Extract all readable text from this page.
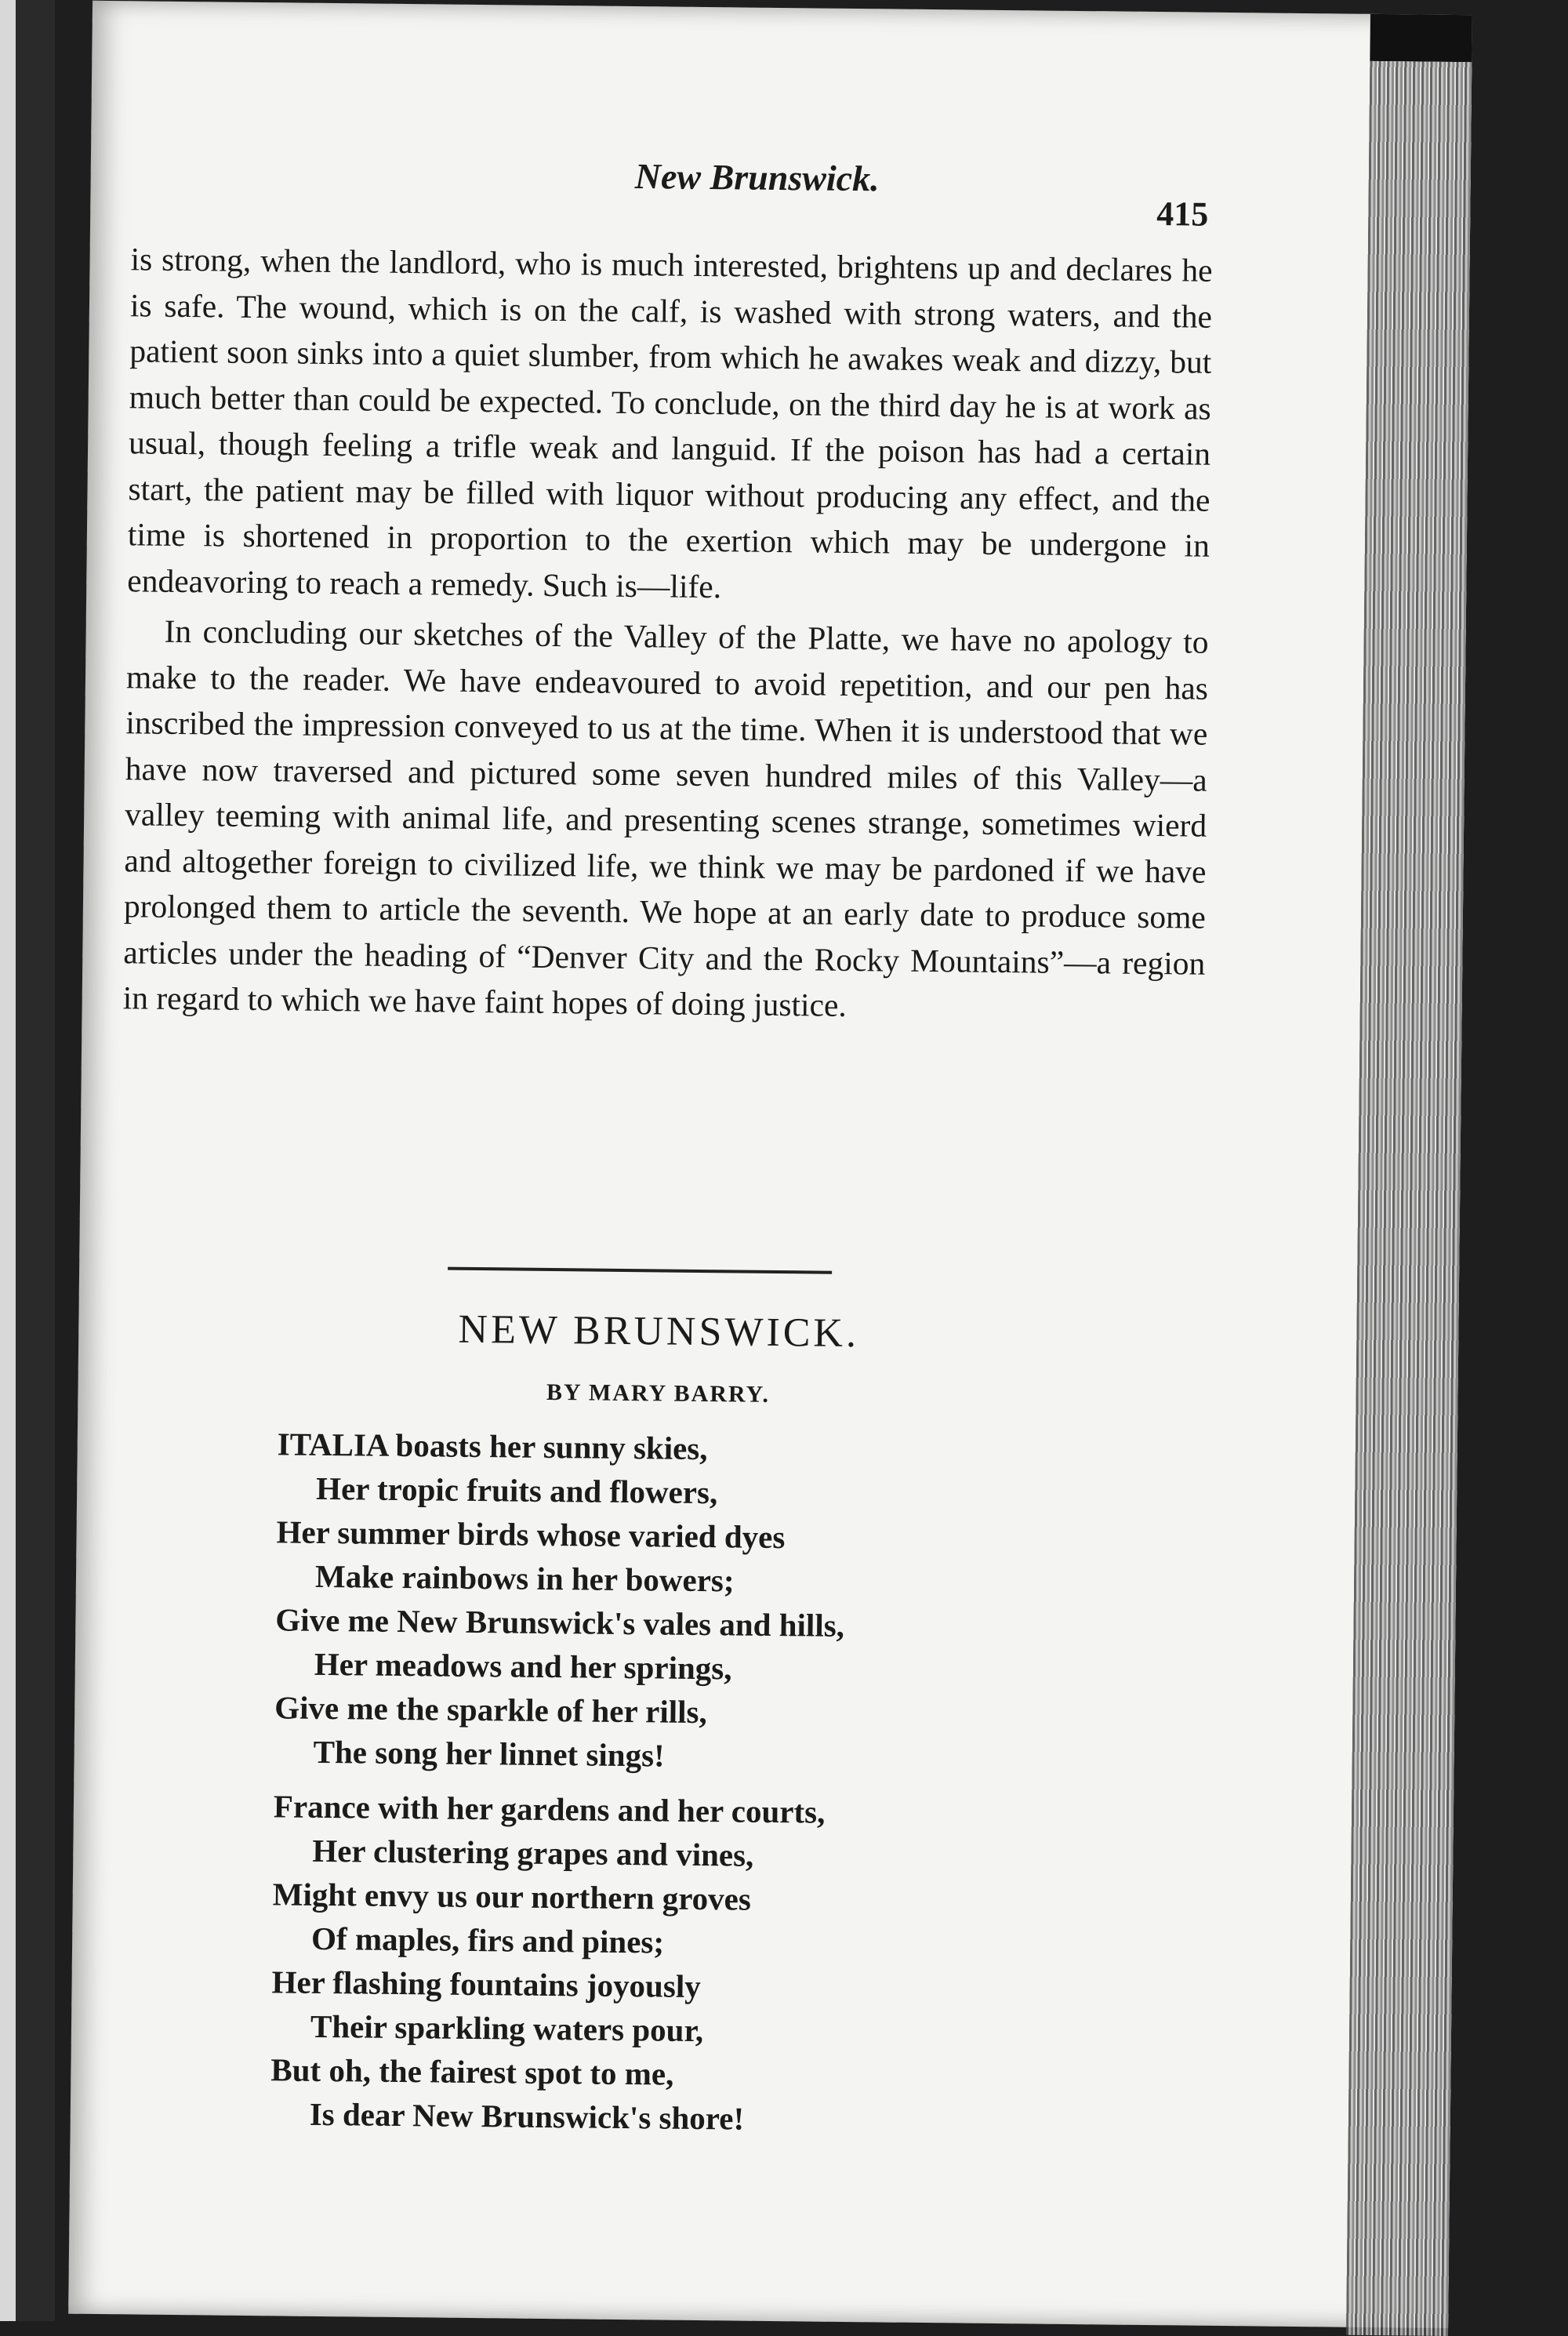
New Brunswick.
415

is strong, when the landlord, who is much interested, brightens up and declares he is safe. The wound, which is on the calf, is washed with strong waters, and the patient soon sinks into a quiet slumber, from which he awakes weak and dizzy, but much better than could be expected. To conclude, on the third day he is at work as usual, though feeling a trifle weak and languid. If the poison has had a certain start, the patient may be filled with liquor without producing any effect, and the time is shortened in proportion to the exertion which may be undergone in endeavoring to reach a remedy. Such is—life.

In concluding our sketches of the Valley of the Platte, we have no apology to make to the reader. We have endeavoured to avoid repetition, and our pen has inscribed the impression conveyed to us at the time. When it is understood that we have now traversed and pictured some seven hundred miles of this Valley—a valley teeming with animal life, and presenting scenes strange, sometimes wierd and altogether foreign to civilized life, we think we may be pardoned if we have prolonged them to article the seventh. We hope at an early date to produce some articles under the heading of “Denver City and the Rocky Mountains”—a region in regard to which we have faint hopes of doing justice.

NEW BRUNSWICK.
BY MARY BARRY.
ITALIA boasts her sunny skies,
Her tropic fruits and flowers,
Her summer birds whose varied dyes
Make rainbows in her bowers;
Give me New Brunswick's vales and hills,
Her meadows and her springs,
Give me the sparkle of her rills,
The song her linnet sings!
France with her gardens and her courts,
Her clustering grapes and vines,
Might envy us our northern groves
Of maples, firs and pines;
Her flashing fountains joyously
Their sparkling waters pour,
But oh, the fairest spot to me,
Is dear New Brunswick's shore!
